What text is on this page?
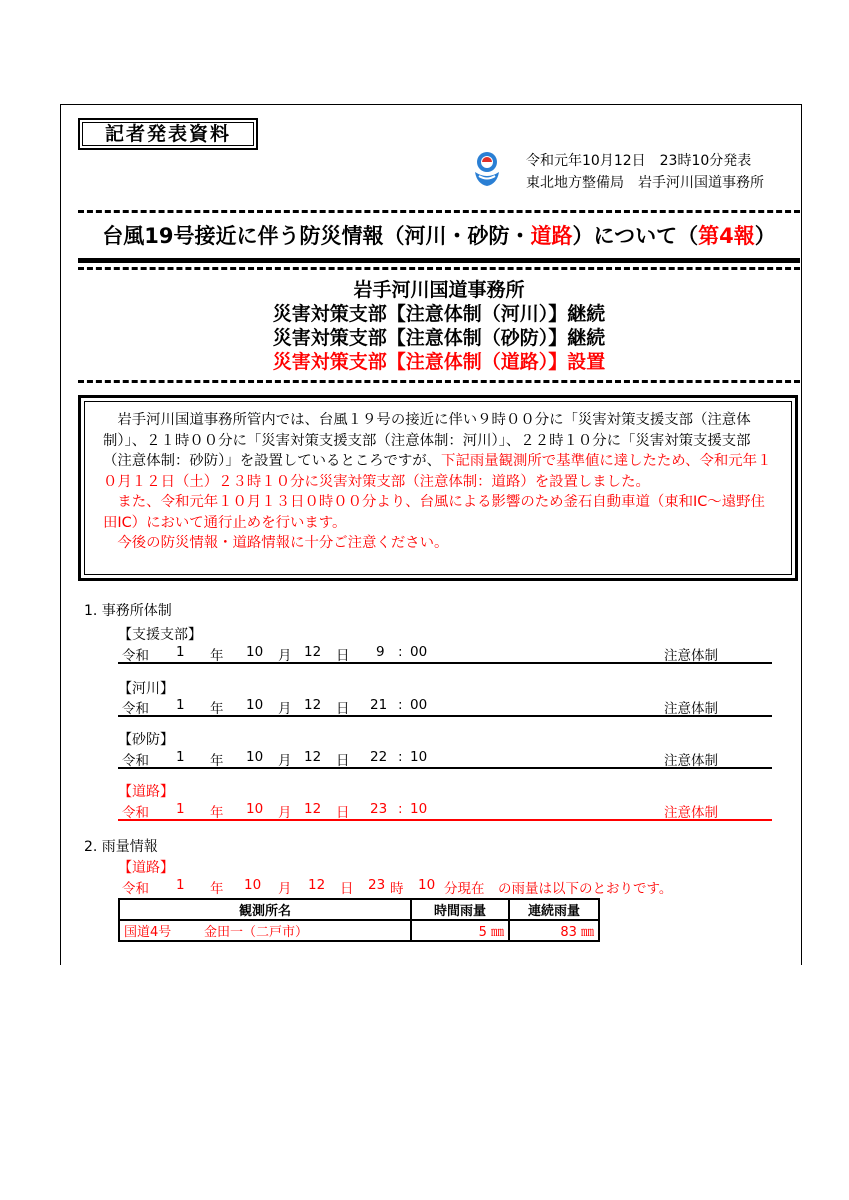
記者発表資料
令和元年10月12日　23時10分発表
東北地方整備局　岩手河川国道事務所
台風19号接近に伴う防災情報（河川・砂防・道路）について（第4報）
岩手河川国道事務所
災害対策支部【注意体制（河川）】継続
災害対策支部【注意体制（砂防）】継続
災害対策支部【注意体制（道路）】設置
　岩手河川国道事務所管内では、台風１９号の接近に伴い９時００分に「災害対策支援支部（注意体制）」、２１時００分に「災害対策支援支部（注意体制：河川）」、２２時１０分に「災害対策支援支部（注意体制：砂防）」を設置しているところですが、下記雨量観測所で基準値に達したため、令和元年１０月１２日（土）２３時１０分に災害対策支部（注意体制：道路）を設置しました。
　また、令和元年１０月１３日０時００分より、台風による影響のため釜石自動車道（東和IC～遠野住田IC）において通行止めを行います。
　今後の防災情報・道路情報に十分ご注意ください。
1. 事務所体制
【支援支部】
令和 1 年 10 月 12 日 9 : 00	注意体制
【河川】
令和 1 年 10 月 12 日 21 : 00	注意体制
【砂防】
令和 1 年 10 月 12 日 22 : 10	注意体制
【道路】
令和 1 年 10 月 12 日 23 : 10	注意体制
2. 雨量情報
【道路】
令和 1 年 10 月 12 日 23 時 10 分現在　の雨量は以下のとおりです。
観測所名		時間雨量	連続雨量
国道4号	金田一（二戸市）	5 ㎜	83 ㎜
